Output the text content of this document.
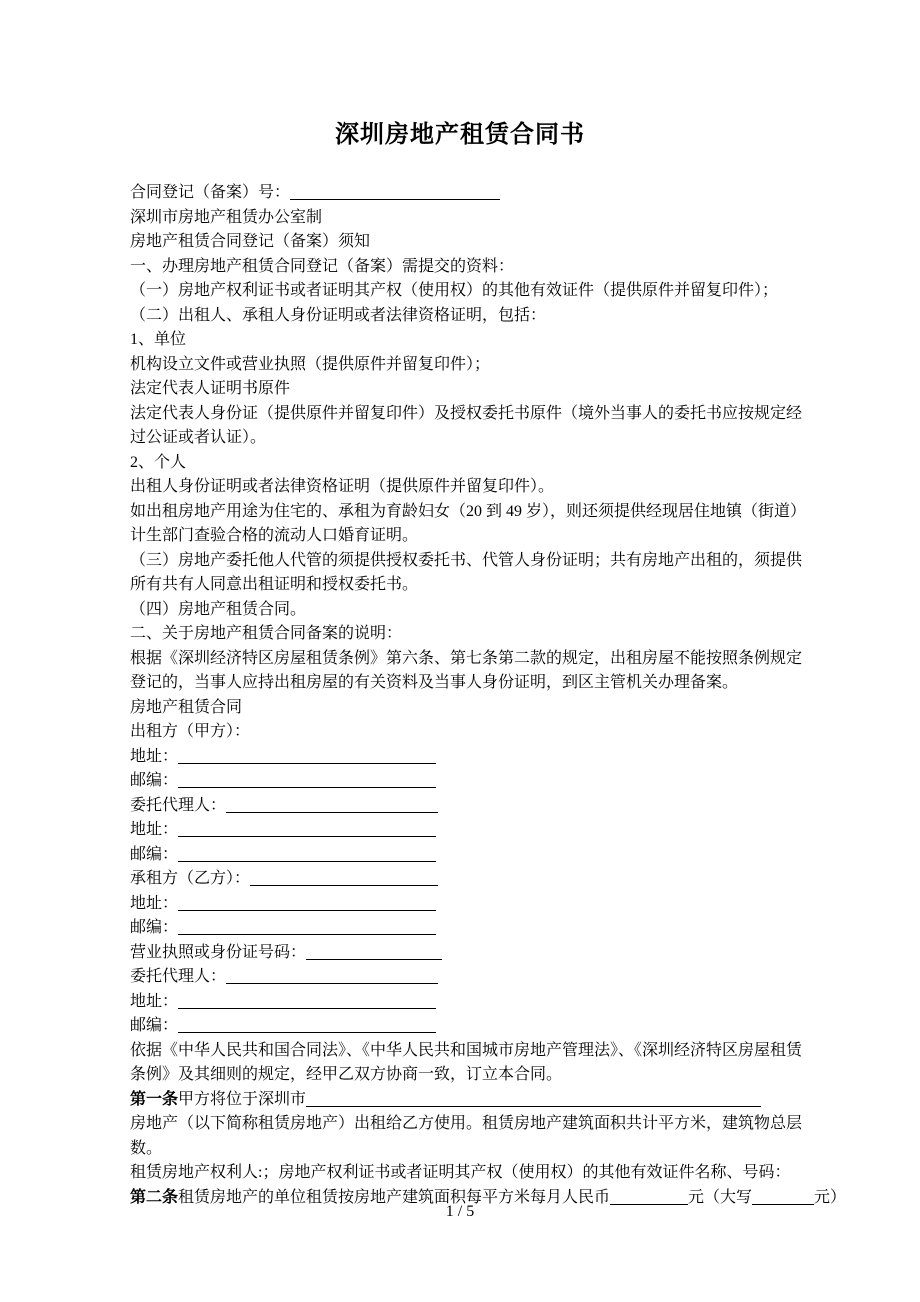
深圳房地产租赁合同书
合同登记（备案）号：
深圳市房地产租赁办公室制
房地产租赁合同登记（备案）须知
一、办理房地产租赁合同登记（备案）需提交的资料：
（一）房地产权利证书或者证明其产权（使用权）的其他有效证件（提供原件并留复印件）；
（二）出租人、承租人身份证明或者法律资格证明，包括：
1、单位
机构设立文件或营业执照（提供原件并留复印件）；
法定代表人证明书原件
法定代表人身份证（提供原件并留复印件）及授权委托书原件（境外当事人的委托书应按规定经
过公证或者认证）。
2、个人
出租人身份证明或者法律资格证明（提供原件并留复印件）。
如出租房地产用途为住宅的、承租为育龄妇女（20 到 49 岁），则还须提供经现居住地镇（街道）
计生部门查验合格的流动人口婚育证明。
（三）房地产委托他人代管的须提供授权委托书、代管人身份证明；共有房地产出租的，须提供
所有共有人同意出租证明和授权委托书。
（四）房地产租赁合同。
二、关于房地产租赁合同备案的说明：
根据《深圳经济特区房屋租赁条例》第六条、第七条第二款的规定，出租房屋不能按照条例规定
登记的，当事人应持出租房屋的有关资料及当事人身份证明，到区主管机关办理备案。
房地产租赁合同
出租方（甲方）：
地址：
邮编：
委托代理人：
地址：
邮编：
承租方（乙方）：
地址：
邮编：
营业执照或身份证号码：
委托代理人：
地址：
邮编：
依据《中华人民共和国合同法》、《中华人民共和国城市房地产管理法》、《深圳经济特区房屋租赁
条例》及其细则的规定，经甲乙双方协商一致，订立本合同。
第一条甲方将位于深圳市
房地产（以下简称租赁房地产）出租给乙方使用。租赁房地产建筑面积共计平方米，建筑物总层
数。
租赁房地产权利人:；房地产权利证书或者证明其产权（使用权）的其他有效证件名称、号码：
第二条租赁房地产的单位租赁按房地产建筑面积每平方米每月人民币	元（大写	元）
1 / 5
